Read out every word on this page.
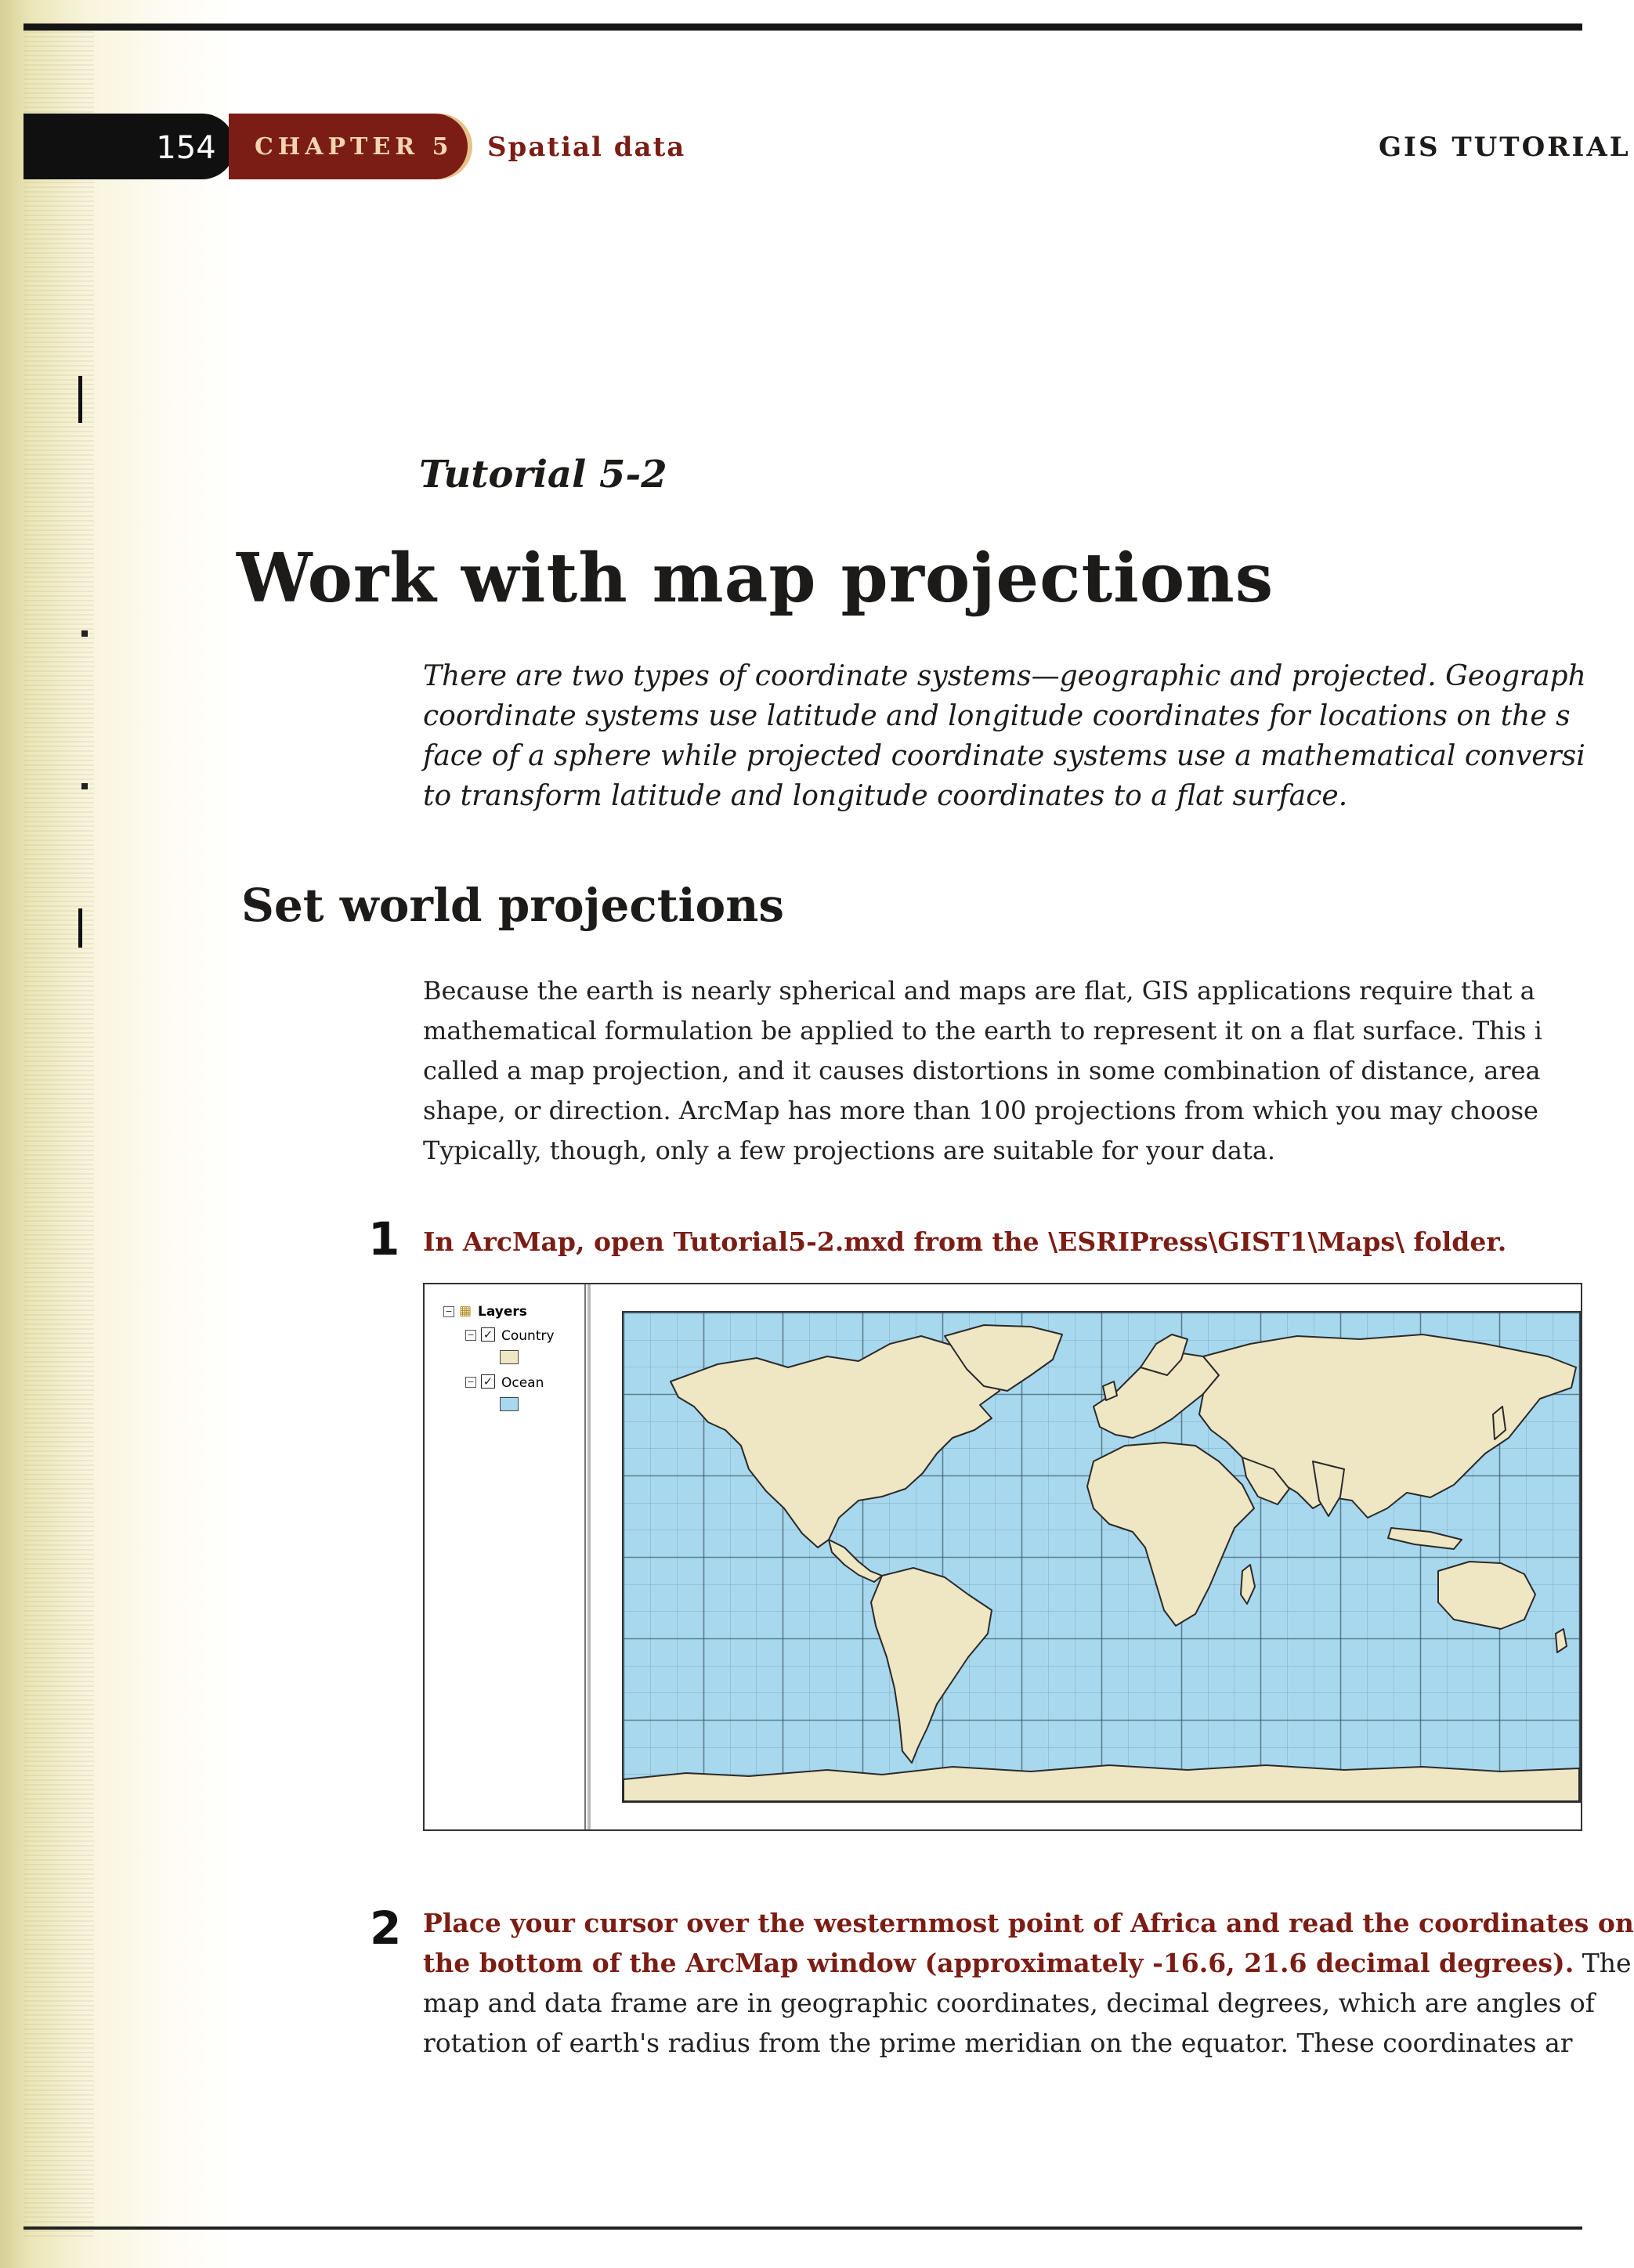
154	CHAPTER 5 Spatial data	GIS TUTORIAL
Tutorial 5-2
Work with map projections

There are two types of coordinate systems—geographic and projected. Geograph
coordinate systems use latitude and longitude coordinates for locations on the s
face of a sphere while projected coordinate systems use a mathematical conversi
to transform latitude and longitude coordinates to a flat surface.

Set world projections

Because the earth is nearly spherical and maps are flat, GIS applications require that a
mathematical formulation be applied to the earth to represent it on a flat surface. This i
called a map projection, and it causes distortions in some combination of distance, area
shape, or direction. ArcMap has more than 100 projections from which you may choose
Typically, though, only a few projections are suitable for your data.

1 In ArcMap, open Tutorial5-2.mxd from the \ESRIPress\GIST1\Maps\ folder.

− ▦ Layers
− ✓ Country
− ✓ Ocean
2 Place your cursor over the westernmost point of Africa and read the coordinates on
the bottom of the ArcMap window (approximately -16.6, 21.6 decimal degrees). The
map and data frame are in geographic coordinates, decimal degrees, which are angles of
rotation of earth's radius from the prime meridian on the equator. These coordinates ar
